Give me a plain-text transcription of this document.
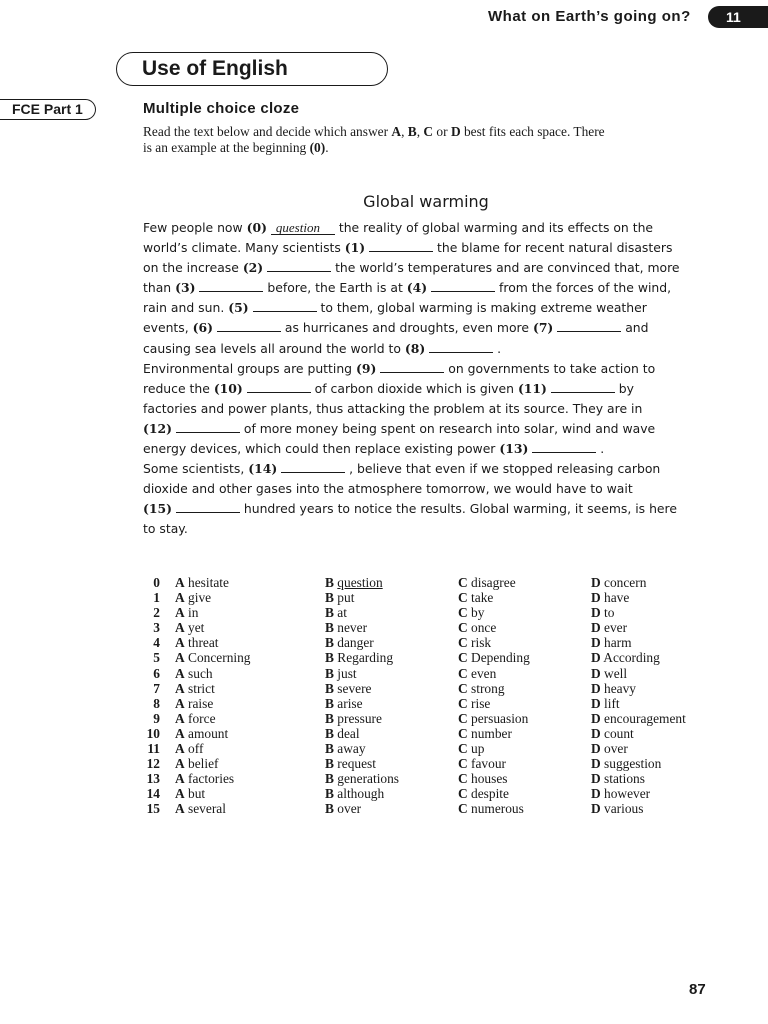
What on Earth’s going on?	11
Use of English
FCE Part 1	Multiple choice cloze
Read the text below and decide which answer A, B, C or D best fits each space. There
is an example at the beginning (0).
Global warming
Few people now (0) question the reality of global warming and its effects on the
world’s climate. Many scientists (1)	the blame for recent natural disasters
on the increase (2)	the world’s temperatures and are convinced that, more
than (3)	before, the Earth is at (4)	from the forces of the wind,
rain and sun. (5)	to them, global warming is making extreme weather
events, (6)	as hurricanes and droughts, even more (7)	and
causing sea levels all around the world to (8)	.
Environmental groups are putting (9)	on governments to take action to
reduce the (10)	of carbon dioxide which is given (11)	by
factories and power plants, thus attacking the problem at its source. They are in
(12)	of more money being spent on research into solar, wind and wave
energy devices, which could then replace existing power (13)	.
Some scientists, (14)	, believe that even if we stopped releasing carbon
dioxide and other gases into the atmosphere tomorrow, we would have to wait
(15)	hundred years to notice the results. Global warming, it seems, is here
to stay.
0 A hesitate	B question	C disagree	D concern
1 A give	B put	C take	D have
2 A in	B at	C by	D to
3 A yet	B never	C once	D ever
4 A threat	B danger	C risk	D harm
5 A Concerning	B Regarding	C Depending	D According
6 A such	B just	C even	D well
7 A strict	B severe	C strong	D heavy
8 A raise	B arise	C rise	D lift
9 A force	B pressure	C persuasion	D encouragement
10 A amount	B deal	C number	D count
11 A off	B away	C up	D over
12 A belief	B request	C favour	D suggestion
13 A factories	B generations	C houses	D stations
14 A but	B although	C despite	D however
15 A several	B over	C numerous	D various
87
